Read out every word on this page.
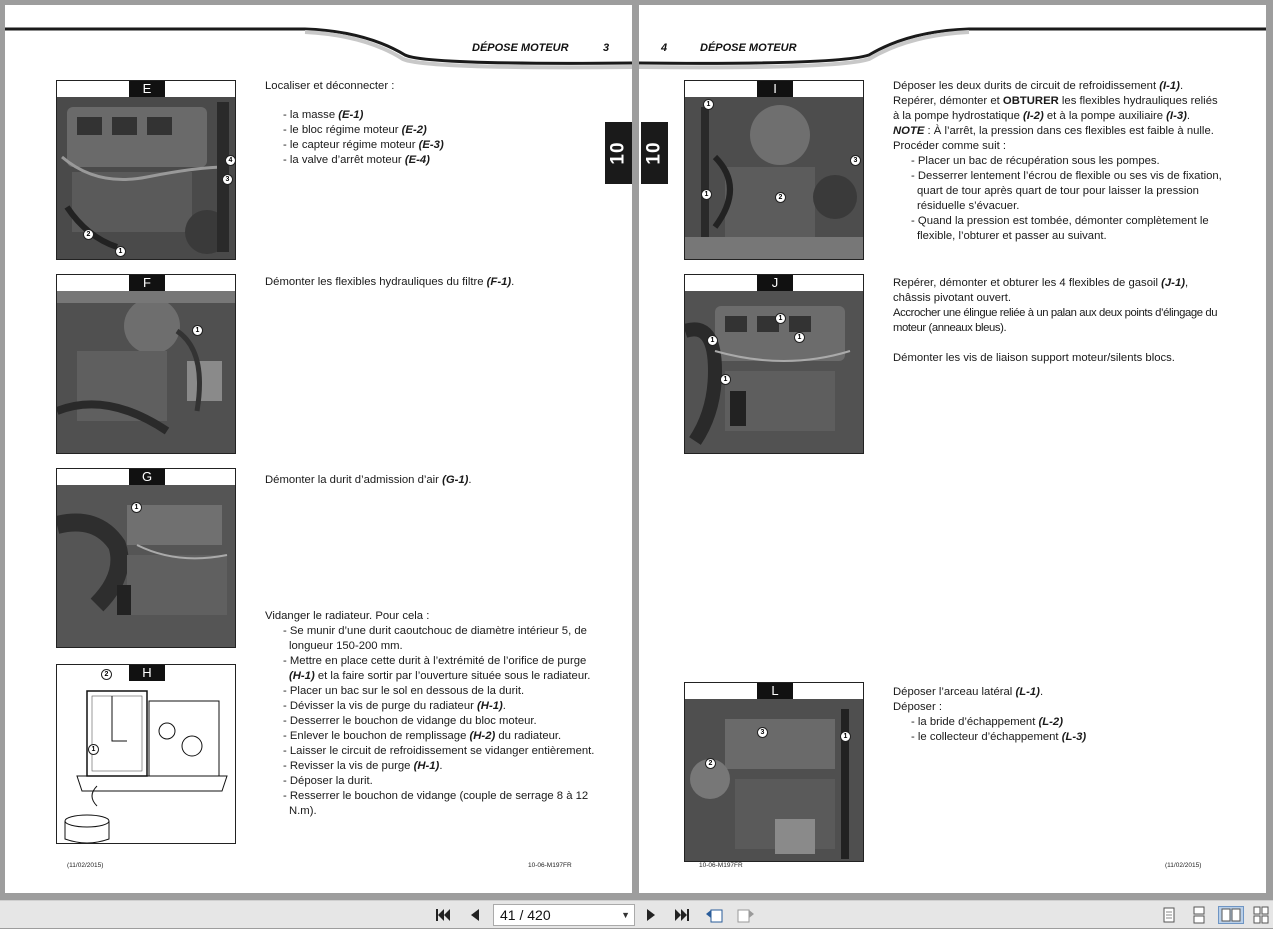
DÉPOSE MOTEUR	3
10
E
4
3
2
1
F
1
G
1
H
2
1

Localiser et déconnecter :

- la masse (E-1)

- le bloc régime moteur (E-2)

- le capteur régime moteur (E-3)

- la valve d’arrêt moteur (E-4)

Démonter les flexibles hydrauliques du filtre (F-1).

Démonter la durit d’admission d’air (G-1).

Vidanger le radiateur. Pour cela :

- Se munir d’une durit caoutchouc de diamètre intérieur 5, de longueur 150-200 mm.

- Mettre en place cette durit à l’extrémité de l’orifice de purge (H-1) et la faire sortir par l’ouverture située sous le radiateur.

- Placer un bac sur le sol en dessous de la durit.

- Dévisser la vis de purge du radiateur (H-1).

- Desserrer le bouchon de vidange du bloc moteur.

- Enlever le bouchon de remplissage (H-2) du radiateur.

- Laisser le circuit de refroidissement se vidanger entièrement.

- Revisser la vis de purge (H-1).

- Déposer la durit.

- Resserrer le bouchon de vidange (couple de serrage 8 à 12 N.m).

(11/02/2015)	10-06-M197FR
4	DÉPOSE MOTEUR
10
I
1
3
1	2
J
1
1
1
1
L
3
1
2

Déposer les deux durits de circuit de refroidissement (I-1).

Repérer, démonter et OBTURER les flexibles hydrauliques reliés à la pompe hydrostatique (I-2) et à la pompe auxiliaire (I-3).

NOTE : À l’arrêt, la pression dans ces flexibles est faible à nulle.

Procéder comme suit :

- Placer un bac de récupération sous les pompes.

- Desserrer lentement l’écrou de flexible ou ses vis de fixation, quart de tour après quart de tour pour laisser la pression résiduelle s’évacuer.

- Quand la pression est tombée, démonter complètement le flexible, l’obturer et passer au suivant.

Repérer, démonter et obturer les 4 flexibles de gasoil (J-1), châssis pivotant ouvert.

Accrocher une élingue reliée à un palan aux deux points d’élingage du moteur (anneaux bleus).

Démonter les vis de liaison support moteur/silents blocs.

Déposer l’arceau latéral (L-1).

Déposer :

- la bride d’échappement (L-2)

- le collecteur d’échappement (L-3)

10-06-M197FR	(11/02/2015)
41 / 420	▼
